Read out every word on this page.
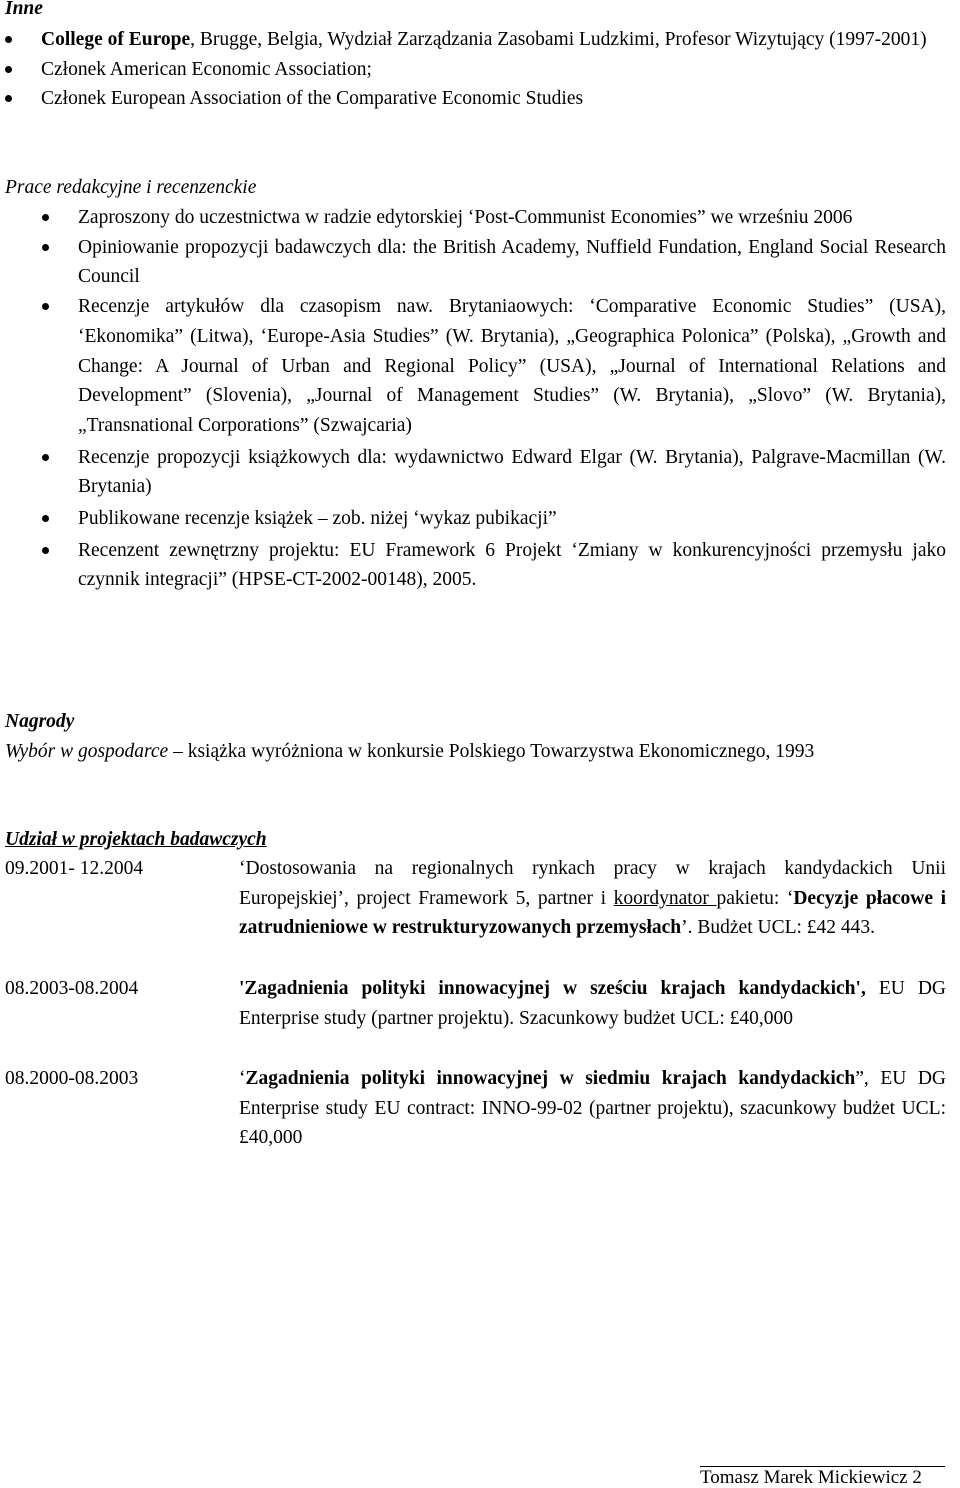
Inne
College of Europe, Brugge, Belgia, Wydział Zarządzania Zasobami Ludzkimi, Profesor Wizytujący (1997-2001)
Członek American Economic Association;
Członek European Association of the Comparative Economic Studies
Prace redakcyjne i recenzenckie
Zaproszony do uczestnictwa w radzie edytorskiej ‘Post-Communist Economies” we wrześniu 2006
Opiniowanie propozycji badawczych dla: the British Academy, Nuffield Fundation, England Social Research Council
Recenzje artykułów dla czasopism naw. Brytaniaowych: ‘Comparative Economic Studies” (USA), ‘Ekonomika” (Litwa), ‘Europe-Asia Studies” (W. Brytania), „Geographica Polonica” (Polska), „Growth and Change: A Journal of Urban and Regional Policy” (USA), „Journal of International Relations and Development” (Slovenia), „Journal of Management Studies” (W. Brytania), „Slovo” (W. Brytania), „Transnational Corporations” (Szwajcaria)
Recenzje propozycji książkowych dla: wydawnictwo Edward Elgar (W. Brytania), Palgrave-Macmillan (W. Brytania)
Publikowane recenzje książek – zob. niżej ‘wykaz pubikacji”
Recenzent zewnętrzny projektu: EU Framework 6 Projekt ‘Zmiany w konkurencyjności przemysłu jako czynnik integracji” (HPSE-CT-2002-00148), 2005.
Nagrody
Wybór w gospodarce – książka wyróżniona w konkursie Polskiego Towarzystwa Ekonomicznego, 1993
Udział w projektach badawczych
09.2001- 12.2004	‘Dostosowania na regionalnych rynkach pracy w krajach kandydackich Unii Europejskiej’, project Framework 5, partner i koordynator pakietu: ‘Decyzje płacowe i zatrudnieniowe w restrukturyzowanych przemysłach’. Budżet UCL: £42 443.
08.2003-08.2004	'Zagadnienia polityki innowacyjnej w sześciu krajach kandydackich', EU DG Enterprise study (partner projektu). Szacunkowy budżet UCL: £40,000
08.2000-08.2003	‘Zagadnienia polityki innowacyjnej w siedmiu krajach kandydackich”, EU DG Enterprise study EU contract: INNO-99-02 (partner projektu), szacunkowy budżet UCL: £40,000
Tomasz Marek Mickiewicz 2
